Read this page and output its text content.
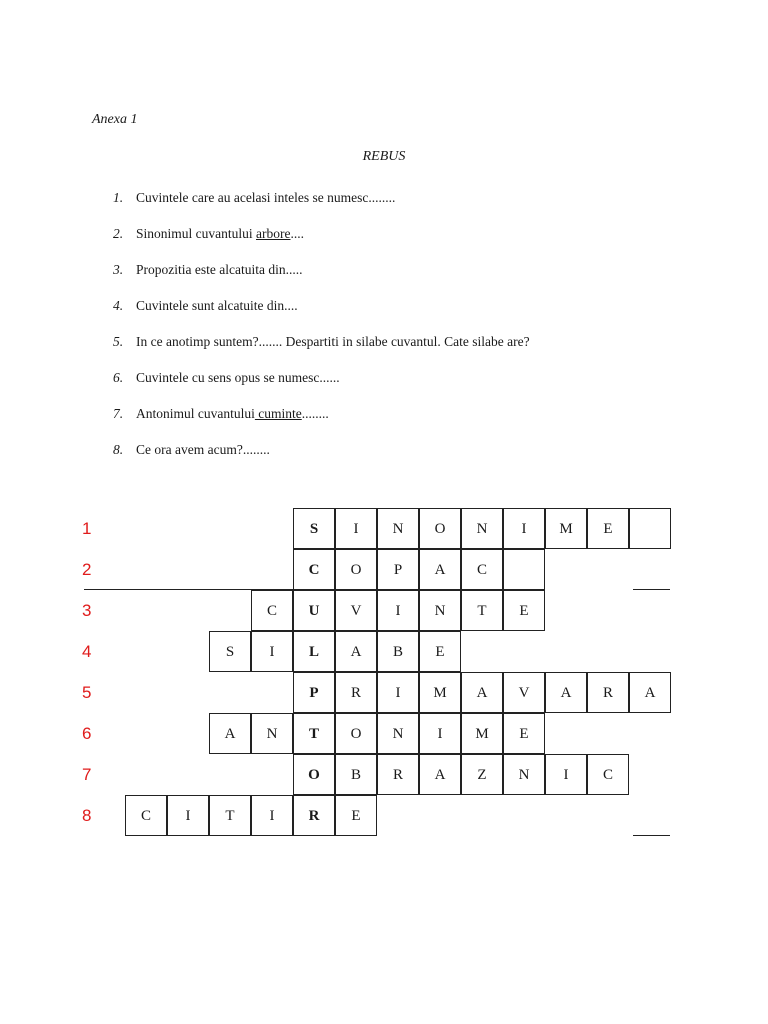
Anexa 1
REBUS
1. Cuvintele care au acelasi inteles se numesc........
2. Sinonimul cuvantului arbore....
3. Propozitia este alcatuita din.....
4. Cuvintele sunt alcatuite din....
5. In ce anotimp suntem?....... Despartiti in silabe cuvantul. Cate silabe are?
6. Cuvintele cu sens opus se numesc......
7. Antonimul cuvantului cuminte........
8. Ce ora avem acum?........
1	S	I	N	O	N	I	M	E
2	C	O	P	A	C
3	C	U	V	I	N	T	E
4	S	I	L	A	B	E
5	P	R	I	M	A	V	A	R	A
6	A	N	T	O	N	I	M	E
7	O	B	R	A	Z	N	I	C
8	C	I	T	I	R	E
